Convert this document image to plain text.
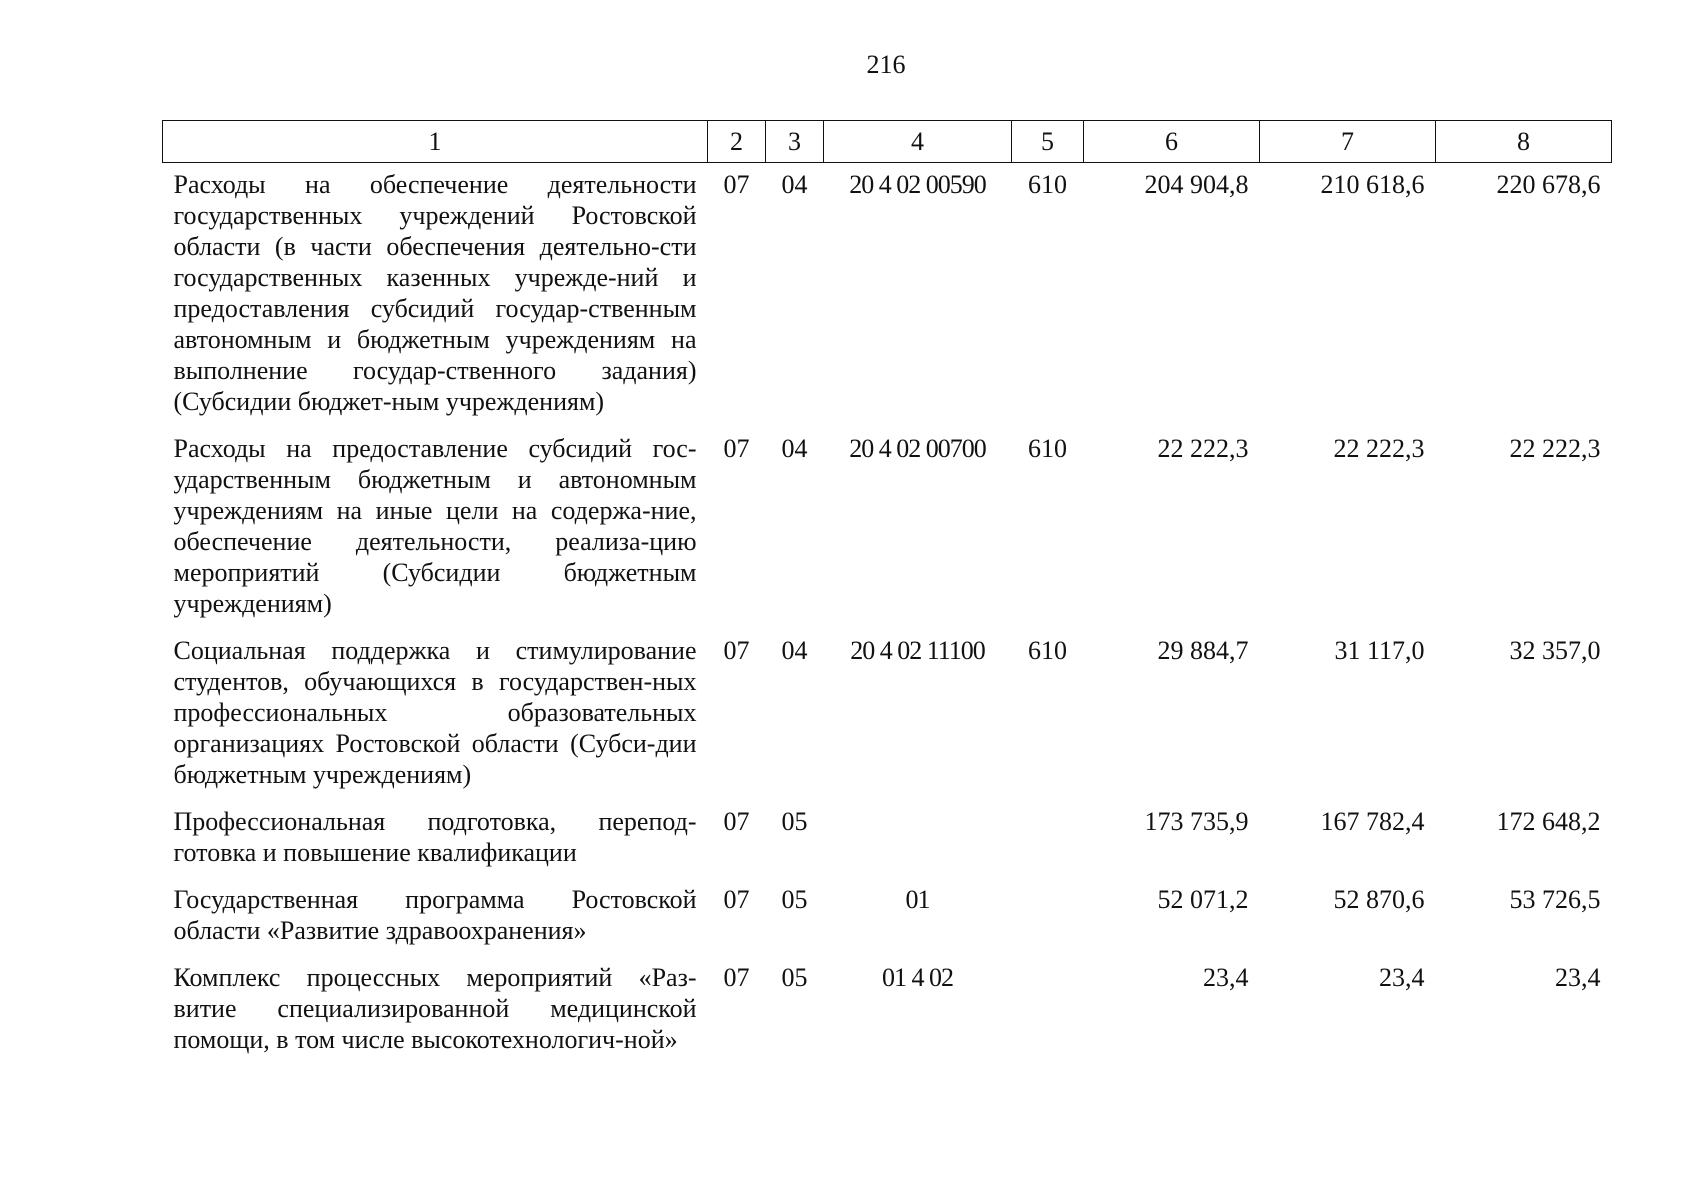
216
1	2	3	4	5	6	7	8
Расходы на обеспечение деятельности государственных учреждений Ростовской области (в части обеспечения деятельно-сти государственных казенных учрежде-ний и предоставления субсидий государ-ственным автономным и бюджетным учреждениям на выполнение государ-ственного задания) (Субсидии бюджет-ным учреждениям)	07	04	20 4 02 00590	610	204 904,8	210 618,6	220 678,6
Расходы на предоставление субсидий гос-ударственным бюджетным и автономным учреждениям на иные цели на содержа-ние, обеспечение деятельности, реализа-цию мероприятий (Субсидии бюджетным учреждениям)	07	04	20 4 02 00700	610	22 222,3	22 222,3	22 222,3
Социальная поддержка и стимулирование студентов, обучающихся в государствен-ных профессиональных образовательных организациях Ростовской области (Субси-дии бюджетным учреждениям)	07	04	20 4 02 11100	610	29 884,7	31 117,0	32 357,0
Профессиональная подготовка, перепод-готовка и повышение квалификации	07	05			173 735,9	167 782,4	172 648,2
Государственная программа Ростовской области «Развитие здравоохранения»	07	05	01		52 071,2	52 870,6	53 726,5
Комплекс процессных мероприятий «Раз-витие специализированной медицинской помощи, в том числе высокотехнологич-ной»	07	05	01 4 02		23,4	23,4	23,4
